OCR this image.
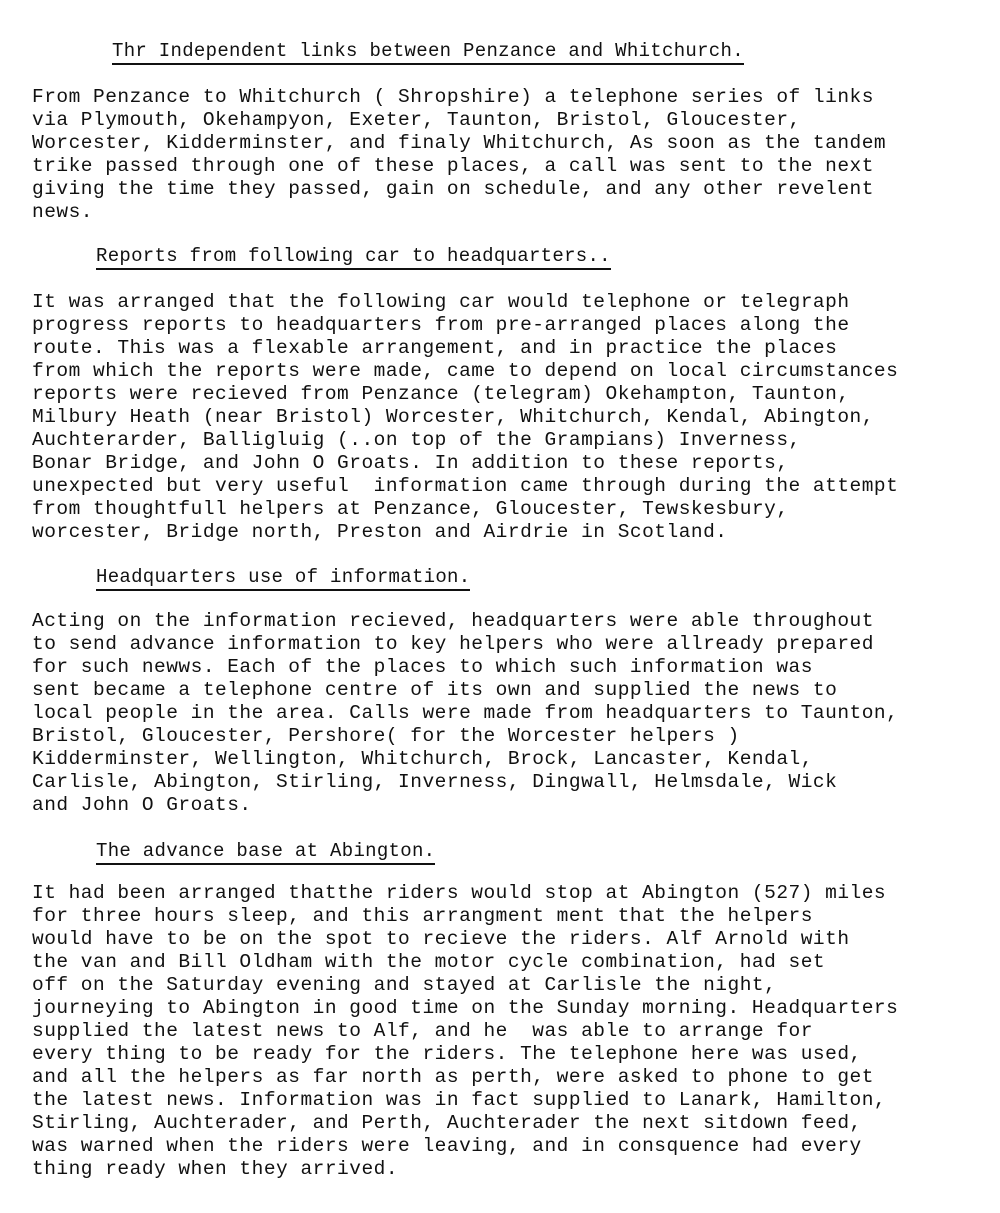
Thr Independent links between Penzance and Whitchurch.
From Penzance to Whitchurch ( Shropshire) a telephone series of links
via Plymouth, Okehampyon, Exeter, Taunton, Bristol, Gloucester,
Worcester, Kidderminster, and finaly Whitchurch, As soon as the tandem
trike passed through one of these places, a call was sent to the next
giving the time they passed, gain on schedule, and any other revelent
news.
Reports from following car to headquarters..
It was arranged that the following car would telephone or telegraph
progress reports to headquarters from pre-arranged places along the
route. This was a flexable arrangement, and in practice the places
from which the reports were made, came to depend on local circumstances
reports were recieved from Penzance (telegram) Okehampton, Taunton,
Milbury Heath (near Bristol) Worcester, Whitchurch, Kendal, Abington,
Auchterarder, Balligluig (..on top of the Grampians) Inverness,
Bonar Bridge, and John O Groats. In addition to these reports,
unexpected but very useful  information came through during the attempt
from thoughtfull helpers at Penzance, Gloucester, Tewskesbury,
worcester, Bridge north, Preston and Airdrie in Scotland.
Headquarters use of information.
Acting on the information recieved, headquarters were able throughout
to send advance information to key helpers who were allready prepared
for such newws. Each of the places to which such information was
sent became a telephone centre of its own and supplied the news to
local people in the area. Calls were made from headquarters to Taunton,
Bristol, Gloucester, Pershore( for the Worcester helpers )
Kidderminster, Wellington, Whitchurch, Brock, Lancaster, Kendal,
Carlisle, Abington, Stirling, Inverness, Dingwall, Helmsdale, Wick
and John O Groats.
The advance base at Abington.
It had been arranged thatthe riders would stop at Abington (527) miles
for three hours sleep, and this arrangment ment that the helpers
would have to be on the spot to recieve the riders. Alf Arnold with
the van and Bill Oldham with the motor cycle combination, had set
off on the Saturday evening and stayed at Carlisle the night,
journeying to Abington in good time on the Sunday morning. Headquarters
supplied the latest news to Alf, and he  was able to arrange for
every thing to be ready for the riders. The telephone here was used,
and all the helpers as far north as perth, were asked to phone to get
the latest news. Information was in fact supplied to Lanark, Hamilton,
Stirling, Auchterader, and Perth, Auchterader the next sitdown feed,
was warned when the riders were leaving, and in consquence had every
thing ready when they arrived.
